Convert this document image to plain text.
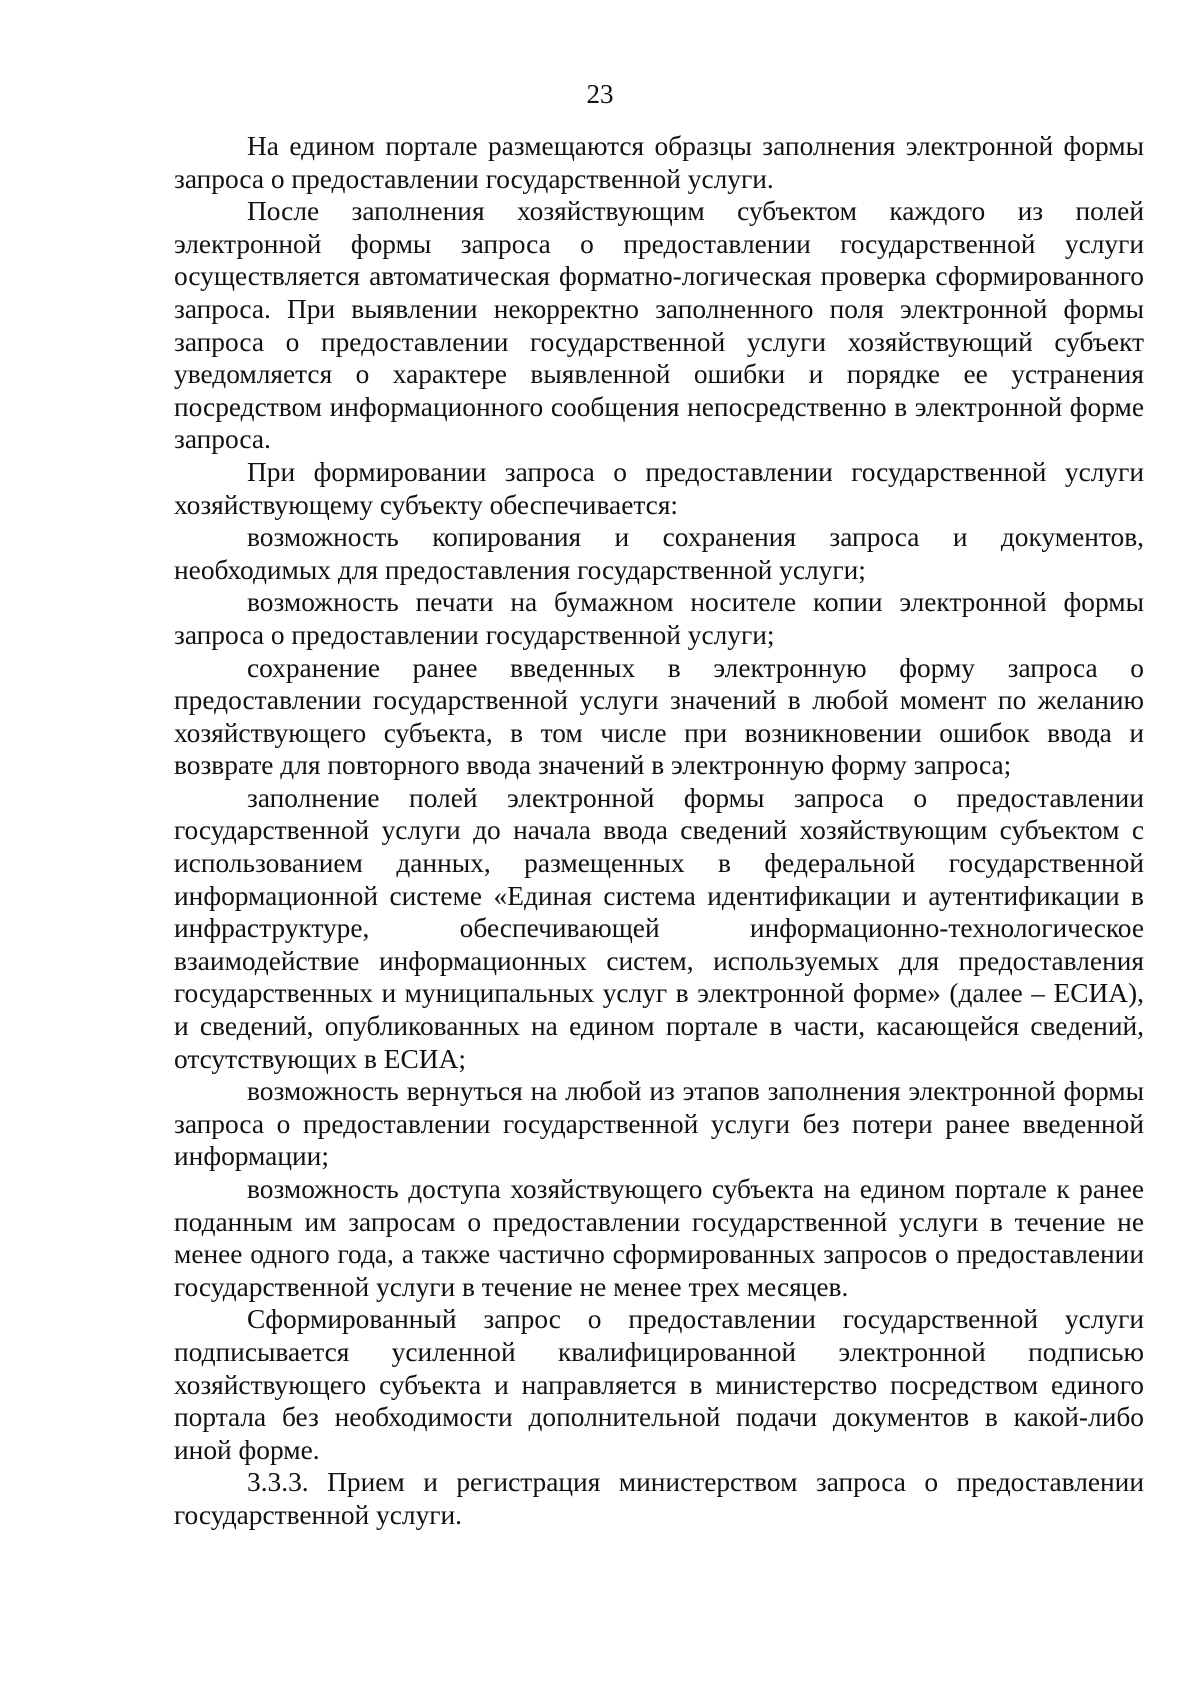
23

На едином портале размещаются образцы заполнения электронной формы запроса о предоставлении государственной услуги.

После заполнения хозяйствующим субъектом каждого из полей электронной формы запроса о предоставлении государственной услуги осуществляется автоматическая форматно-логическая проверка сформированного запроса. При выявлении некорректно заполненного поля электронной формы запроса о предоставлении государственной услуги хозяйствующий субъект уведомляется о характере выявленной ошибки и порядке ее устранения посредством информационного сообщения непосредственно в электронной форме запроса.

При формировании запроса о предоставлении государственной услуги хозяйствующему субъекту обеспечивается:

возможность копирования и сохранения запроса и документов, необходимых для предоставления государственной услуги;

возможность печати на бумажном носителе копии электронной формы запроса о предоставлении государственной услуги;

сохранение ранее введенных в электронную форму запроса о предоставлении государственной услуги значений в любой момент по желанию хозяйствующего субъекта, в том числе при возникновении ошибок ввода и возврате для повторного ввода значений в электронную форму запроса;

заполнение полей электронной формы запроса о предоставлении государственной услуги до начала ввода сведений хозяйствующим субъектом с использованием данных, размещенных в федеральной государственной информационной системе «Единая система идентификации и аутентификации в инфраструктуре, обеспечивающей информационно-технологическое взаимодействие информационных систем, используемых для предоставления государственных и муниципальных услуг в электронной форме» (далее – ЕСИА), и сведений, опубликованных на едином портале в части, касающейся сведений, отсутствующих в ЕСИА;

возможность вернуться на любой из этапов заполнения электронной формы запроса о предоставлении государственной услуги без потери ранее введенной информации;

возможность доступа хозяйствующего субъекта на едином портале к ранее поданным им запросам о предоставлении государственной услуги в течение не менее одного года, а также частично сформированных запросов о предоставлении государственной услуги в течение не менее трех месяцев.

Сформированный запрос о предоставлении государственной услуги подписывается усиленной квалифицированной электронной подписью хозяйствующего субъекта и направляется в министерство посредством единого портала без необходимости дополнительной подачи документов в какой-либо иной форме.

3.3.3. Прием и регистрация министерством запроса о предоставлении государственной услуги.
